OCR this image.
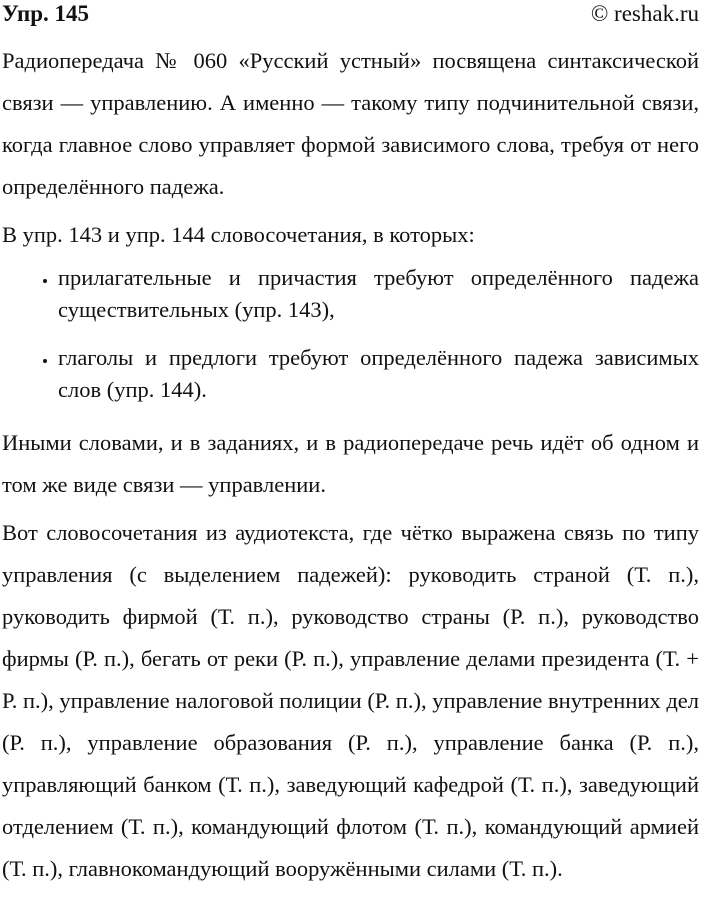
Упр. 145	© reshak.ru

Радиопередача № 060 «Русский устный» посвящена синтаксической связи — управлению. А именно — такому типу подчинительной связи, когда главное слово управляет формой зависимого слова, требуя от него определённого падежа.

В упр. 143 и упр. 144 словосочетания, в которых:

• прилагательные и причастия требуют определённого падежа существительных (упр. 143),
• глаголы и предлоги требуют определённого падежа зависимых слов (упр. 144).

Иными словами, и в заданиях, и в радиопередаче речь идёт об одном и том же виде связи — управлении.

Вот словосочетания из аудиотекста, где чётко выражена связь по типу управления (с выделением падежей): руководить страной (Т. п.), руководить фирмой (Т. п.), руководство страны (Р. п.), руководство фирмы (Р. п.), бегать от реки (Р. п.), управление делами президента (Т. + Р. п.), управление налоговой полиции (Р. п.), управление внутренних дел (Р. п.), управление образования (Р. п.), управление банка (Р. п.), управляющий банком (Т. п.), заведующий кафедрой (Т. п.), заведующий отделением (Т. п.), командующий флотом (Т. п.), командующий армией (Т. п.), главнокомандующий вооружёнными силами (Т. п.).
